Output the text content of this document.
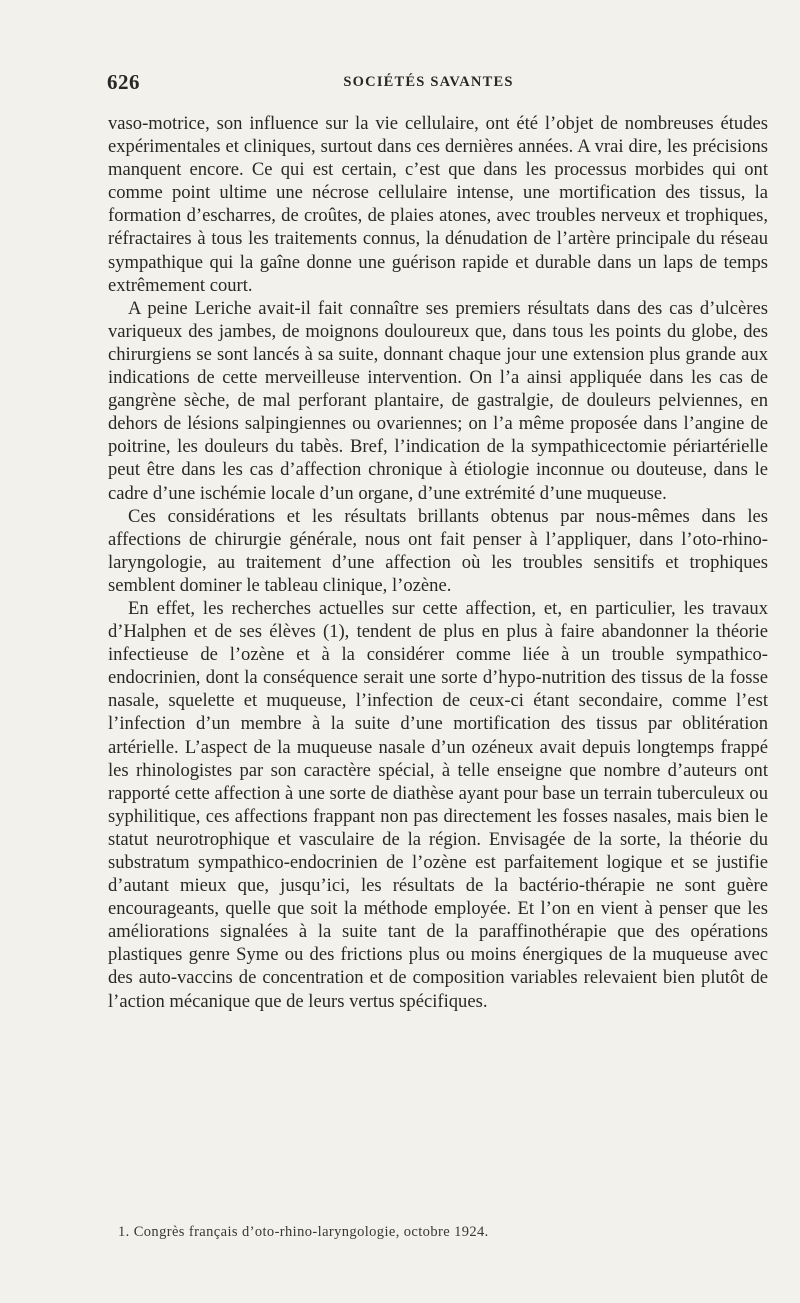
626	SOCIÉTÉS SAVANTES

vaso-motrice, son influence sur la vie cellulaire, ont été l’objet de nombreuses études expérimentales et cliniques, surtout dans ces dernières années. A vrai dire, les précisions manquent encore. Ce qui est certain, c’est que dans les processus morbides qui ont comme point ultime une nécrose cellulaire intense, une mortification des tissus, la formation d’escharres, de croûtes, de plaies atones, avec troubles nerveux et trophiques, réfractaires à tous les traitements connus, la dénudation de l’artère principale du réseau sympathique qui la gaîne donne une guérison rapide et durable dans un laps de temps extrêmement court.

A peine Leriche avait-il fait connaître ses premiers résultats dans des cas d’ulcères variqueux des jambes, de moignons douloureux que, dans tous les points du globe, des chirurgiens se sont lancés à sa suite, donnant chaque jour une extension plus grande aux indications de cette merveilleuse intervention. On l’a ainsi appliquée dans les cas de gangrène sèche, de mal perforant plantaire, de gastralgie, de douleurs pelviennes, en dehors de lésions salpingiennes ou ovariennes; on l’a même proposée dans l’angine de poitrine, les douleurs du tabès. Bref, l’indication de la sympathicectomie périartérielle peut être dans les cas d’affection chronique à étiologie inconnue ou douteuse, dans le cadre d’une ischémie locale d’un organe, d’une extrémité d’une muqueuse.

Ces considérations et les résultats brillants obtenus par nous-mêmes dans les affections de chirurgie générale, nous ont fait penser à l’appliquer, dans l’oto-rhino-laryngologie, au traitement d’une affection où les troubles sensitifs et trophiques semblent dominer le tableau clinique, l’ozène.

En effet, les recherches actuelles sur cette affection, et, en particulier, les travaux d’Halphen et de ses élèves (1), tendent de plus en plus à faire abandonner la théorie infectieuse de l’ozène et à la considérer comme liée à un trouble sympathico-endocrinien, dont la conséquence serait une sorte d’hypo-nutrition des tissus de la fosse nasale, squelette et muqueuse, l’infection de ceux-ci étant secondaire, comme l’est l’infection d’un membre à la suite d’une mortification des tissus par oblitération artérielle. L’aspect de la muqueuse nasale d’un ozéneux avait depuis longtemps frappé les rhinologistes par son caractère spécial, à telle enseigne que nombre d’auteurs ont rapporté cette affection à une sorte de diathèse ayant pour base un terrain tuberculeux ou syphilitique, ces affections frappant non pas directement les fosses nasales, mais bien le statut neurotrophique et vasculaire de la région. Envisagée de la sorte, la théorie du substratum sympathico-endocrinien de l’ozène est parfaitement logique et se justifie d’autant mieux que, jusqu’ici, les résultats de la bactério-thérapie ne sont guère encourageants, quelle que soit la méthode employée. Et l’on en vient à penser que les améliorations signalées à la suite tant de la paraffinothérapie que des opérations plastiques genre Syme ou des frictions plus ou moins énergiques de la muqueuse avec des auto-vaccins de concentration et de composition variables relevaient bien plutôt de l’action mécanique que de leurs vertus spécifiques.

1. Congrès français d’oto-rhino-laryngologie, octobre 1924.
